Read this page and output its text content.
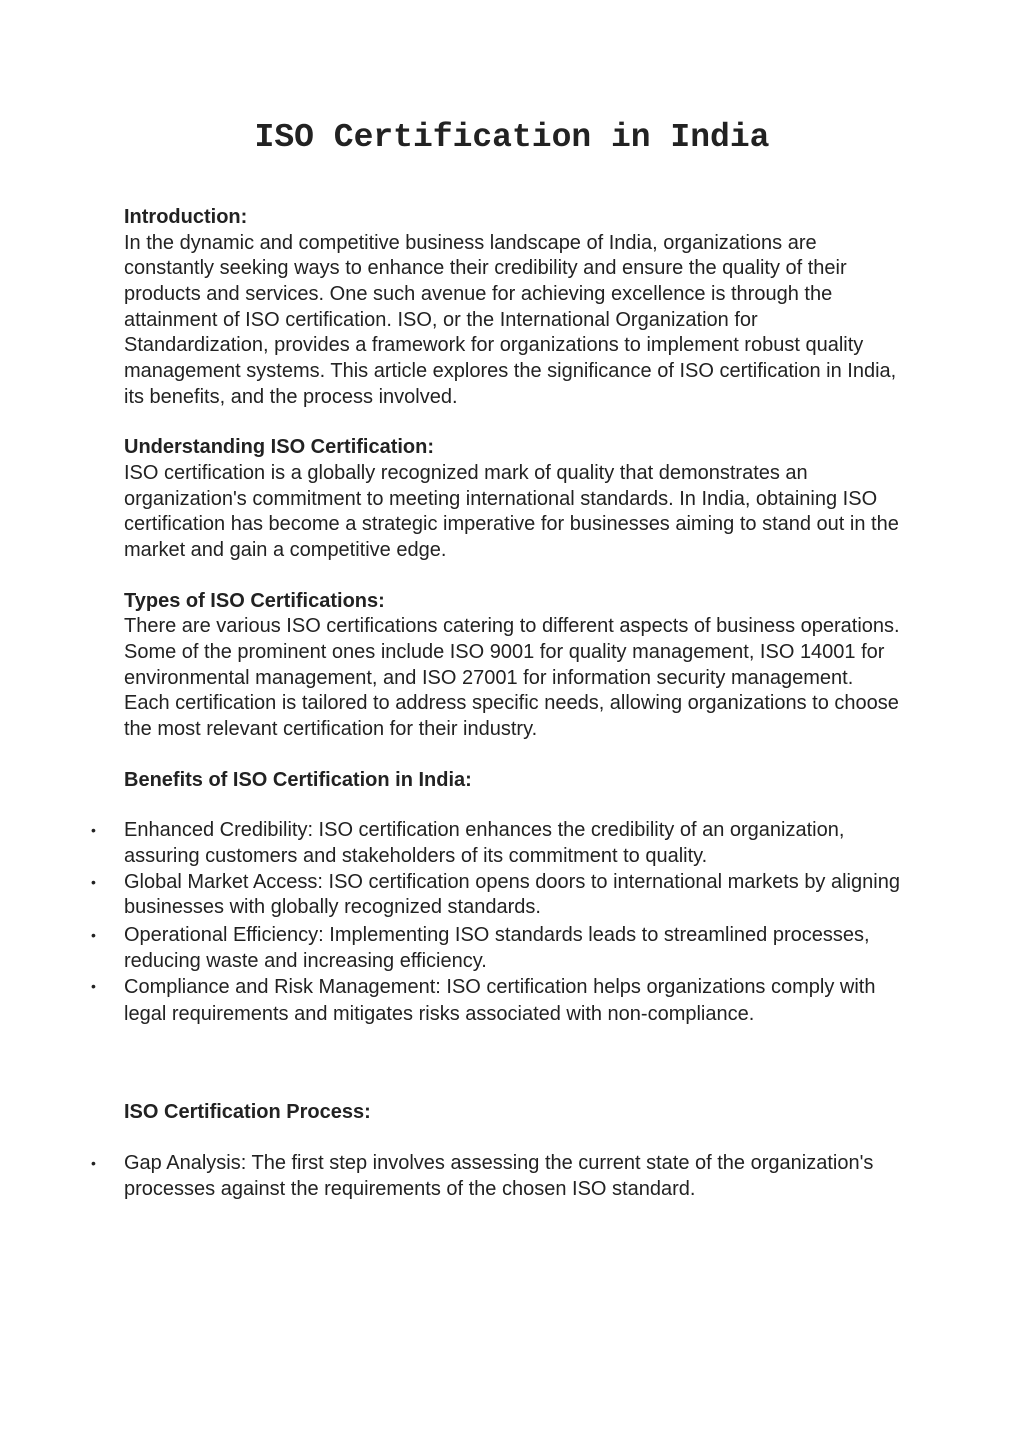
ISO Certification in India

Introduction:

In the dynamic and competitive business landscape of India, organizations are constantly seeking ways to enhance their credibility and ensure the quality of their products and services. One such avenue for achieving excellence is through the attainment of ISO certification. ISO, or the International Organization for Standardization, provides a framework for organizations to implement robust quality management systems. This article explores the significance of ISO certification in India, its benefits, and the process involved.

Understanding ISO Certification:

ISO certification is a globally recognized mark of quality that demonstrates an organization's commitment to meeting international standards. In India, obtaining ISO certification has become a strategic imperative for businesses aiming to stand out in the market and gain a competitive edge.

Types of ISO Certifications:

There are various ISO certifications catering to different aspects of business operations. Some of the prominent ones include ISO 9001 for quality management, ISO 14001 for environmental management, and ISO 27001 for information security management. Each certification is tailored to address specific needs, allowing organizations to choose the most relevant certification for their industry.

Benefits of ISO Certification in India:

• Enhanced Credibility: ISO certification enhances the credibility of an organization, assuring customers and stakeholders of its commitment to quality.
• Global Market Access: ISO certification opens doors to international markets by aligning businesses with globally recognized standards.
• Operational Efficiency: Implementing ISO standards leads to streamlined processes, reducing waste and increasing efficiency.
• Compliance and Risk Management: ISO certification helps organizations comply with legal requirements and mitigates risks associated with non-compliance.

ISO Certification Process:

• Gap Analysis: The first step involves assessing the current state of the organization's processes against the requirements of the chosen ISO standard.
